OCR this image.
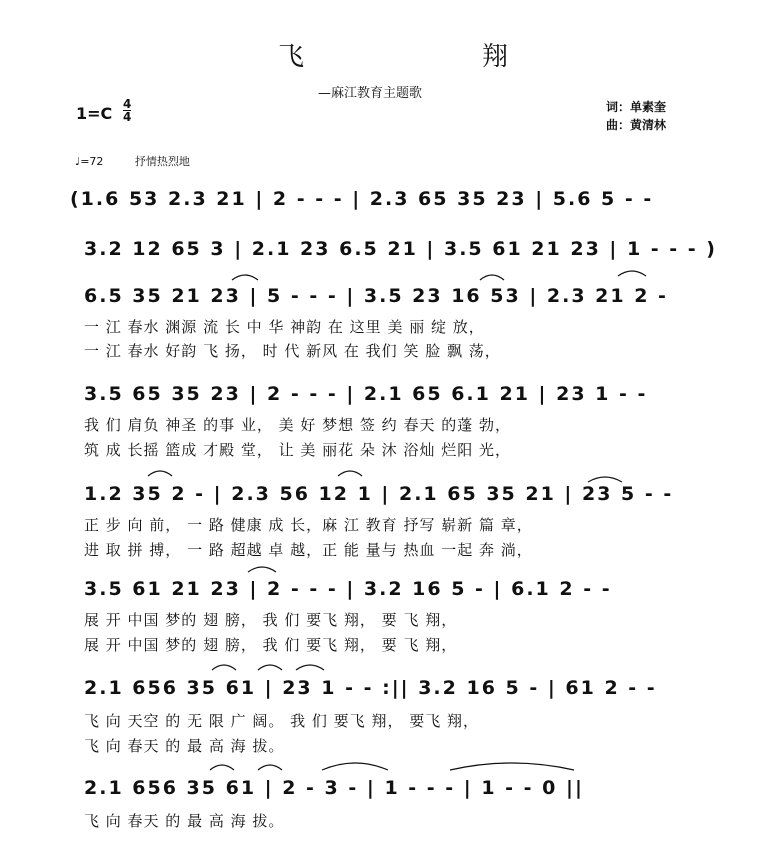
飞	翔
—麻江教育主题歌
1=C 4
4
词：单素奎
曲：黄清林
♩=72	抒情热烈地
(1.6 53 2.3 21 | 2 - - - | 2.3 65 35 23 | 5.6 5 - -
3.2 12 65 3 | 2.1 23 6.5 21 | 3.5 61 21 23 | 1 - - - )
6.5 35 21 23 | 5 - - - | 3.5 23 16 53 | 2.3 21 2 -
一 江 春水 渊源 流 长 中 华 神韵 在 这里 美 丽 绽 放，
一 江 春水 好韵 飞 扬， 时 代 新风 在 我们 笑 脸 飘 荡，
3.5 65 35 23 | 2 - - - | 2.1 65 6.1 21 | 23 1 - -
我 们 肩负 神圣 的事 业， 美 好 梦想 签 约 春天 的蓬 勃，
筑 成 长摇 篮成 才殿 堂， 让 美 丽花 朵 沐 浴灿 烂阳 光，
1.2 35 2 - | 2.3 56 12 1 | 2.1 65 35 21 | 23 5 - -
正 步 向 前， 一 路 健康 成 长，麻 江 教育 抒写 崭新 篇 章，
进 取 拼 搏， 一 路 超越 卓 越，正 能 量与 热血 一起 奔 淌，
3.5 61 21 23 | 2 - - - | 3.2 16 5 - | 6.1 2 - -
展 开 中国 梦的 翅 膀， 我 们 要飞 翔， 要 飞 翔，
展 开 中国 梦的 翅 膀， 我 们 要飞 翔， 要 飞 翔，
2.1 656 35 61 | 23 1 - - :|| 3.2 16 5 - | 61 2 - -
飞 向 天空 的 无 限 广 阔。 我 们 要飞 翔， 要飞 翔，
飞 向 春天 的 最 高 海 拔。
2.1 656 35 61 | 2 - 3 - | 1 - - - | 1 - - 0 ||
飞 向 春天 的 最 高 海 拔。
